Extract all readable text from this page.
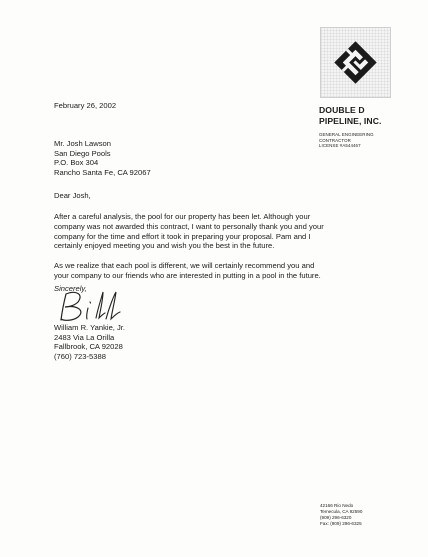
DOUBLE D
PIPELINE, INC.
GENERAL ENGINEERING
CONTRACTOR
LICENSE #A544467
February 26, 2002
Mr. Josh Lawson
San Diego Pools
P.O. Box 304
Rancho Santa Fe, CA 92067
Dear Josh,
After a careful analysis, the pool for our property has been let. Although your
company was not awarded this contract, I want to personally thank you and your
company for the time and effort it took in preparing your proposal. Pam and I
certainly enjoyed meeting you and wish you the best in the future.
As we realize that each pool is different, we will certainly recommend you and
your company to our friends who are interested in putting in a pool in the future.
Sincerely,
William R. Yankie, Jr.
2483 Via La Orilla
Fallbrook, CA 92028
(760) 723-5388
42166 Rio Nedo
Temecula, CA 92590
(909) 296-6320
Fax: (909) 296-6325
